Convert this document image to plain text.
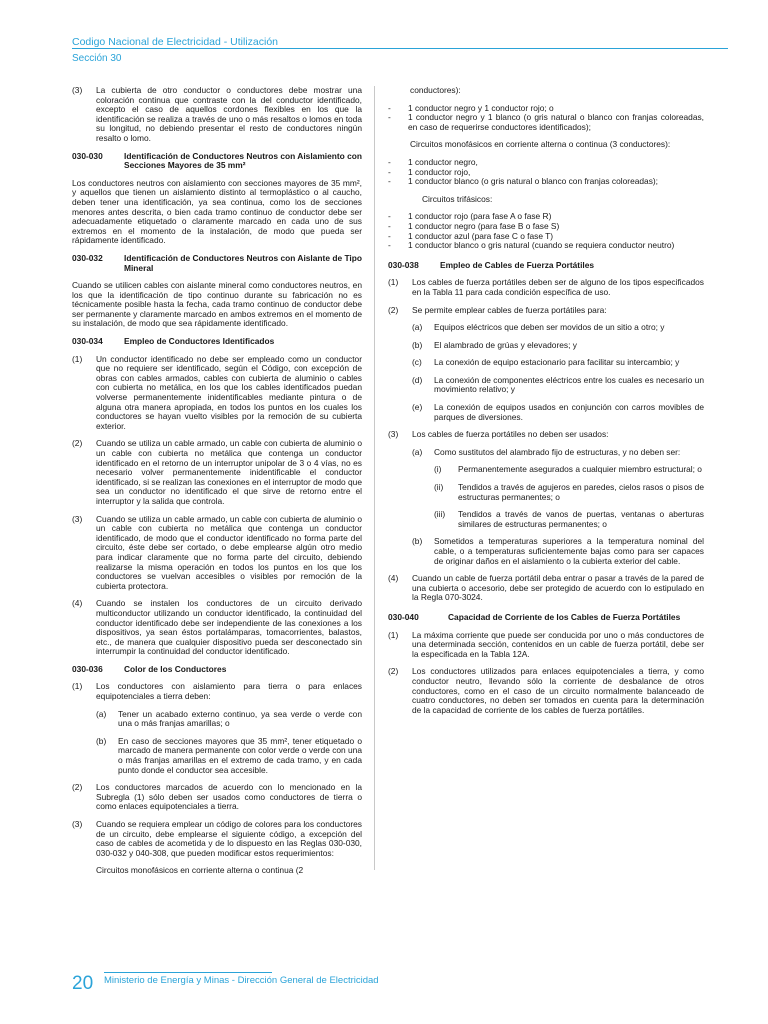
Codigo Nacional de Electricidad - Utilización
Sección 30
(3)	La cubierta de otro conductor o conductores debe mostrar una coloración continua que contraste con la del conductor identificado, excepto el caso de aquellos cordones flexibles en los que la identificación se realiza a través de uno o más resaltos o lomos en toda su longitud, no debiendo presentar el resto de conductores ningún resalto o lomo.
030-030	Identificación de Conductores Neutros con Aislamiento con Secciones Mayores de 35 mm²

Los conductores neutros con aislamiento con secciones mayores de 35 mm², y aquellos que tienen un aislamiento distinto al termoplástico o al caucho, deben tener una identificación, ya sea continua, como los de secciones menores antes descrita, o bien cada tramo continuo de conductor debe ser adecuadamente etiquetado o claramente marcado en cada uno de sus extremos en el momento de la instalación, de modo que pueda ser rápidamente identificado.

030-032	Identificación de Conductores Neutros con Aislante de Tipo Mineral

Cuando se utilicen cables con aislante mineral como conductores neutros, en los que la identificación de tipo continuo durante su fabricación no es técnicamente posible hasta la fecha, cada tramo continuo de conductor debe ser permanente y claramente marcado en ambos extremos en el momento de su instalación, de modo que sea rápidamente identificado.

030-034	Empleo de Conductores Identificados
(1)	Un conductor identificado no debe ser empleado como un conductor que no requiere ser identificado, según el Código, con excepción de obras con cables armados, cables con cubierta de aluminio o cables con cubierta no metálica, en los que los cables identificados puedan volverse permanentemente inidentificables mediante pintura o de alguna otra manera apropiada, en todos los puntos en los cuales los conductores se hayan vuelto visibles por la remoción de su cubierta exterior.
(2)	Cuando se utiliza un cable armado, un cable con cubierta de aluminio o un cable con cubierta no metálica que contenga un conductor identificado en el retorno de un interruptor unipolar de 3 o 4 vías, no es necesario volver permanentemente inidentificable el conductor identificado, si se realizan las conexiones en el interruptor de modo que sea un conductor no identificado el que sirve de retorno entre el interruptor y la salida que controla.
(3)	Cuando se utiliza un cable armado, un cable con cubierta de aluminio o un cable con cubierta no metálica que contenga un conductor identificado, de modo que el conductor identificado no forma parte del circuito, éste debe ser cortado, o debe emplearse algún otro medio para indicar claramente que no forma parte del circuito, debiendo realizarse la misma operación en todos los puntos en los que los conductores se vuelvan accesibles o visibles por remoción de la cubierta protectora.
(4)	Cuando se instalen los conductores de un circuito derivado multiconductor utilizando un conductor identificado, la continuidad del conductor identificado debe ser independiente de las conexiones a los dispositivos, ya sean éstos portalámparas, tomacorrientes, balastos, etc., de manera que cualquier dispositivo pueda ser desconectado sin interrumpir la continuidad del conductor identificado.
030-036	Color de los Conductores
(1)	Los conductores con aislamiento para tierra o para enlaces equipotenciales a tierra deben:
(a)	Tener un acabado externo continuo, ya sea verde o verde con una o más franjas amarillas; o
(b)	En caso de secciones mayores que 35 mm², tener etiquetado o marcado de manera permanente con color verde o verde con una o más franjas amarillas en el extremo de cada tramo, y en cada punto donde el conductor sea accesible.
(2)	Los conductores marcados de acuerdo con lo mencionado en la Subregla (1) sólo deben ser usados como conductores de tierra o como enlaces equipotenciales a tierra.
(3)	Cuando se requiera emplear un código de colores para los conductores de un circuito, debe emplearse el siguiente código, a excepción del caso de cables de acometida y de lo dispuesto en las Reglas 030-030, 030-032 y 040-308, que pueden modificar estos requerimientos:
Circuitos monofásicos en corriente alterna o continua (2

conductores):

-	1 conductor negro y 1 conductor rojo; o
-	1 conductor negro y 1 blanco (o gris natural o blanco con franjas coloreadas, en caso de requerirse conductores identificados);

Circuitos monofásicos en corriente alterna o continua (3 conductores):

-	1 conductor negro,
-	1 conductor rojo,
-	1 conductor blanco (o gris natural o blanco con franjas coloreadas);

Circuitos trifásicos:

-	1 conductor rojo (para fase A o fase R)
-	1 conductor negro (para fase B o fase S)
-	1 conductor azul (para fase C o fase T)
-	1 conductor blanco o gris natural (cuando se requiera conductor neutro)
030-038	Empleo de Cables de Fuerza Portátiles
(1)	Los cables de fuerza portátiles deben ser de alguno de los tipos especificados en la Tabla 11 para cada condición específica de uso.
(2)	Se permite emplear cables de fuerza portátiles para:
(a)	Equipos eléctricos que deben ser movidos de un sitio a otro; y
(b)	El alambrado de grúas y elevadores; y
(c)	La conexión de equipo estacionario para facilitar su intercambio; y
(d)	La conexión de componentes eléctricos entre los cuales es necesario un movimiento relativo; y
(e)	La conexión de equipos usados en conjunción con carros movibles de parques de diversiones.
(3)	Los cables de fuerza portátiles no deben ser usados:
(a)	Como sustitutos del alambrado fijo de estructuras, y no deben ser:
(i)	Permanentemente asegurados a cualquier miembro estructural; o
(ii)	Tendidos a través de agujeros en paredes, cielos rasos o pisos de estructuras permanentes; o
(iii)	Tendidos a través de vanos de puertas, ventanas o aberturas similares de estructuras permanentes; o
(b)	Sometidos a temperaturas superiores a la temperatura nominal del cable, o a temperaturas suficientemente bajas como para ser capaces de originar daños en el aislamiento o la cubierta exterior del cable.
(4)	Cuando un cable de fuerza portátil deba entrar o pasar a través de la pared de una cubierta o accesorio, debe ser protegido de acuerdo con lo estipulado en la Regla 070-3024.
030-040	Capacidad de Corriente de los Cables de Fuerza Portátiles
(1)	La máxima corriente que puede ser conducida por uno o más conductores de una determinada sección, contenidos en un cable de fuerza portátil, debe ser la especificada en la Tabla 12A.
(2)	Los conductores utilizados para enlaces equipotenciales a tierra, y como conductor neutro, llevando sólo la corriente de desbalance de otros conductores, como en el caso de un circuito normalmente balanceado de cuatro conductores, no deben ser tomados en cuenta para la determinación de la capacidad de corriente de los cables de fuerza portátiles.
20 Ministerio de Energía y Minas - Dirección General de Electricidad
